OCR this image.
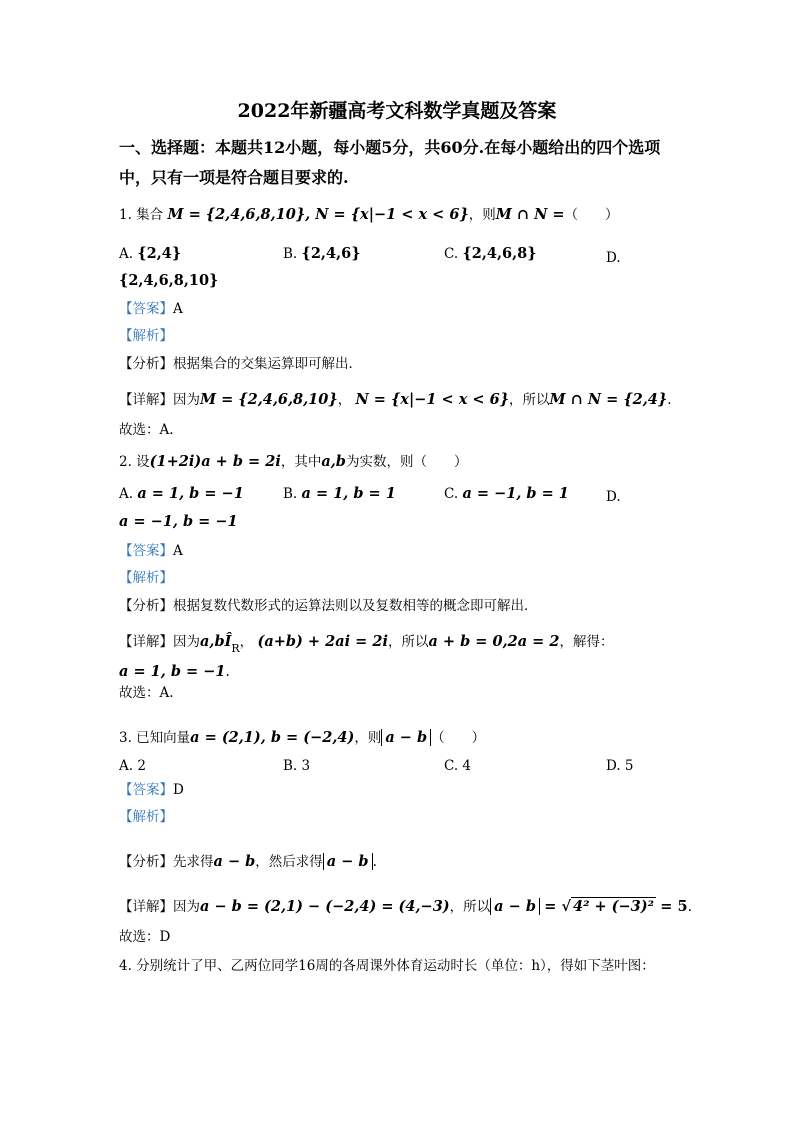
2022年新疆高考文科数学真题及答案
一、选择题：本题共12小题，每小题5分，共60分.在每小题给出的四个选项中，只有一项是符合题目要求的.
1. 集合 M = {2,4,6,8,10}, N = {x|−1 < x < 6}，则M ∩ N =（　　）
A. {2,4}	B. {2,4,6}	C. {2,4,6,8}	D.
{2,4,6,8,10}
【答案】A
【解析】
【分析】根据集合的交集运算即可解出．
【详解】因为M = {2,4,6,8,10}， N = {x|−1 < x < 6}，所以M ∩ N = {2,4}.
故选：A.
2. 设(1+2i)a + b = 2i，其中a,b为实数，则（　　）
A. a = 1, b = −1	B. a = 1, b = 1	C. a = −1, b = 1	D.
a = −1, b = −1
【答案】A
【解析】
【分析】根据复数代数形式的运算法则以及复数相等的概念即可解出．
【详解】因为$a,bÎ_R$， (a+b) + 2ai = 2i，所以a + b = 0,2a = 2，解得：
a = 1, b = −1.
故选：A.
3. 已知向量a = (2,1), b = (−2,4)，则 a − b （　　）
A. 2	B. 3	C. 4	D. 5
【答案】D
【解析】
【分析】先求得a − b，然后求得 a − b .
【详解】因为a − b = (2,1) − (−2,4) = (4,−3)，所以 a − b = √ 4² + (−3)² = 5.
故选：D
4. 分别统计了甲、乙两位同学16周的各周课外体育运动时长（单位：h），得如下茎叶图：
